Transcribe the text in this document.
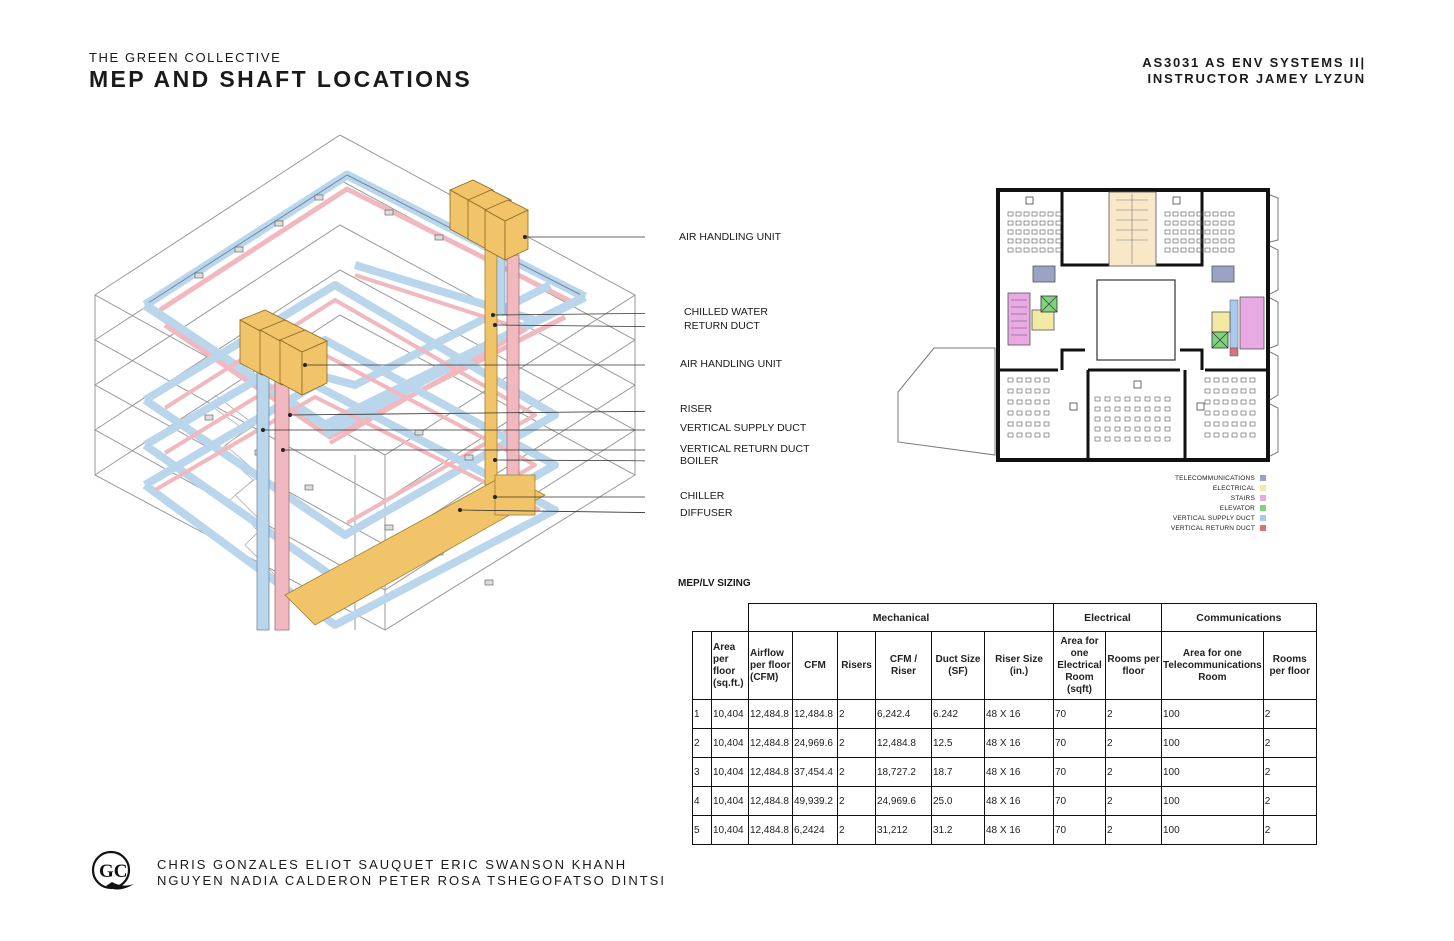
THE GREEN COLLECTIVE
MEP AND SHAFT LOCATIONS
AS3031 AS ENV SYSTEMS II|
INSTRUCTOR JAMEY LYZUN
AIR HANDLING UNIT
CHILLED WATER
RETURN DUCT
AIR HANDLING UNIT
RISER
VERTICAL SUPPLY DUCT
VERTICAL RETURN DUCT
BOILER
CHILLER
DIFFUSER
TELECOMMUNICATIONS
ELECTRICAL
STAIRS
ELEVATOR
VERTICAL SUPPLY DUCT
VERTICAL RETURN DUCT
MEP/LV SIZING
		Mechanical						Electrical		Communications	
	Area per floor (sq.ft.)	Airflow per floor (CFM)	CFM	Risers	CFM / Riser	Duct Size (SF)	Riser Size (in.)	Area for one Electrical Room (sqft)	Rooms per floor	Area for one Telecommunications Room	Rooms per floor
1	10,404	12,484.8	12,484.8	2	6,242.4	6.242	48 X 16	70	2	100	2
2	10,404	12,484.8	24,969.6	2	12,484.8	12.5	48 X 16	70	2	100	2
3	10,404	12,484.8	37,454.4	2	18,727.2	18.7	48 X 16	70	2	100	2
4	10,404	12,484.8	49,939.2	2	24,969.6	25.0	48 X 16	70	2	100	2
5	10,404	12,484.8	6,2424	2	31,212	31.2	48 X 16	70	2	100	2
GC CHRIS GONZALES ELIOT SAUQUET ERIC SWANSON KHANH
NGUYEN NADIA CALDERON PETER ROSA TSHEGOFATSO DINTSI
